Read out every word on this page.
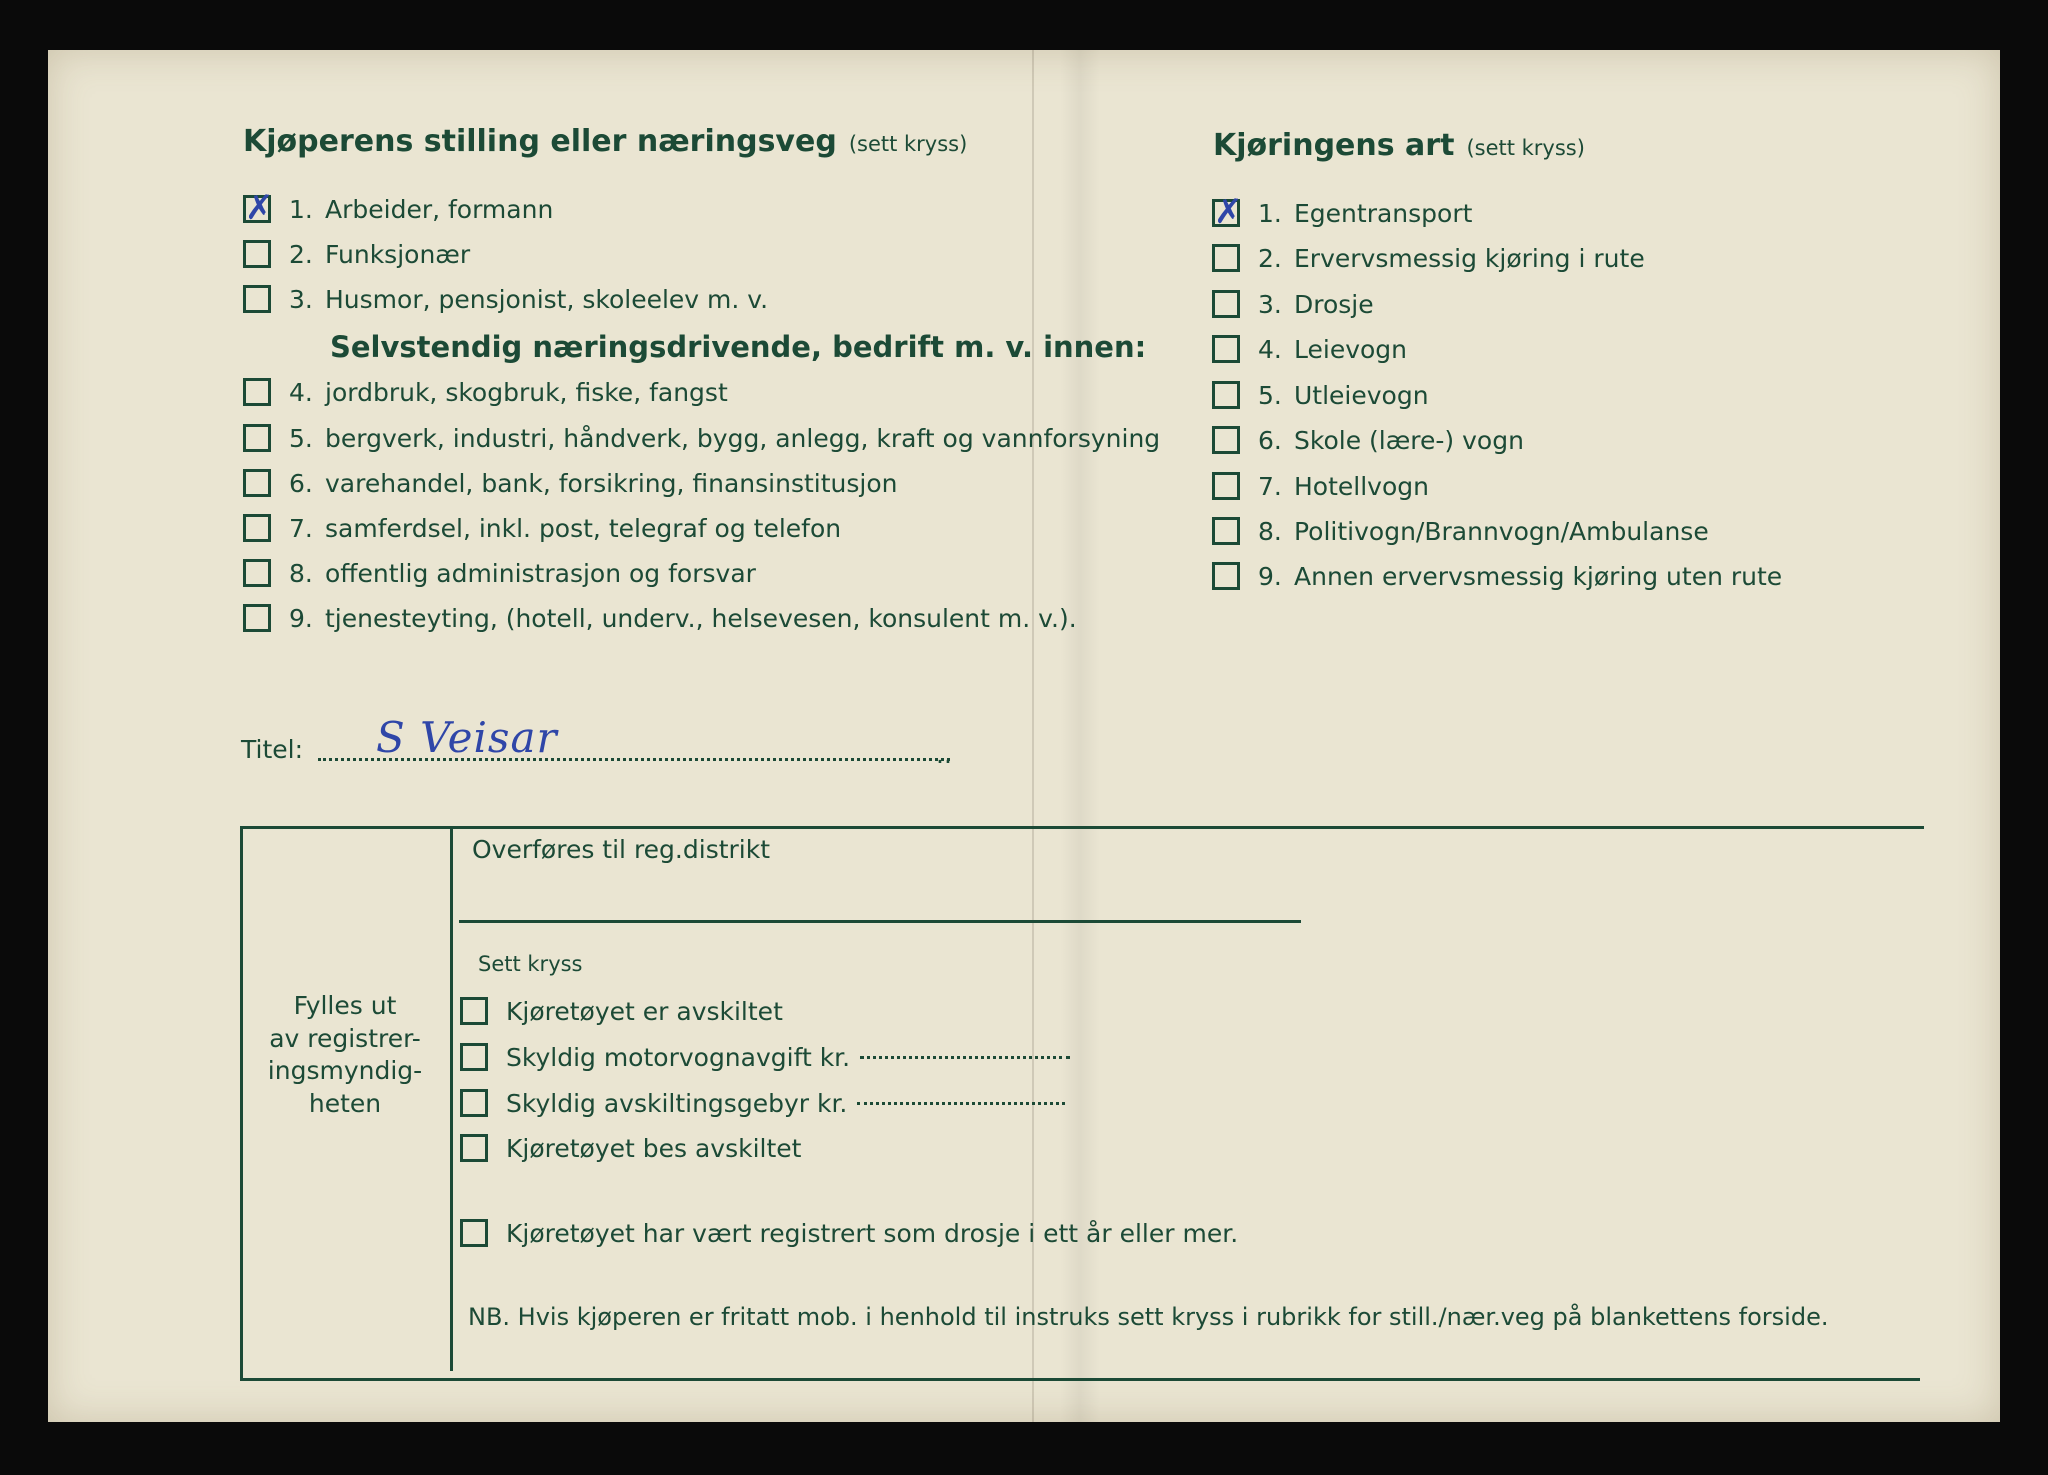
Kjøperens stilling eller næringsveg (sett kryss)
✗
1. Arbeider, formann
2. Funksjonær
3. Husmor, pensjonist, skoleelev m. v.
Selvstendig næringsdrivende, bedrift m. v. innen:
4. jordbruk, skogbruk, fiske, fangst
5. bergverk, industri, håndverk, bygg, anlegg, kraft og vannforsyning
6. varehandel, bank, forsikring, finansinstitusjon
7. samferdsel, inkl. post, telegraf og telefon
8. offentlig administrasjon og forsvar
9. tjenesteyting, (hotell, underv., helsevesen, konsulent m. v.).
Kjøringens art (sett kryss)
✗
1. Egentransport
2. Ervervsmessig kjøring i rute
3. Drosje
4. Leievogn
5. Utleievogn
6. Skole (lære-) vogn
7. Hotellvogn
8. Politivogn/Brannvogn/Ambulanse
9. Annen ervervsmessig kjøring uten rute
Titel: S Veisar	..
Fylles ut
av registrer-
ingsmyndig-
heten
Overføres til reg.distrikt
Sett kryss
Kjøretøyet er avskiltet
Skyldig motorvognavgift kr.
Skyldig avskiltingsgebyr kr.
Kjøretøyet bes avskiltet
Kjøretøyet har vært registrert som drosje i ett år eller mer.
NB. Hvis kjøperen er fritatt mob. i henhold til instruks sett kryss i rubrikk for still./nær.veg på blankettens forside.
